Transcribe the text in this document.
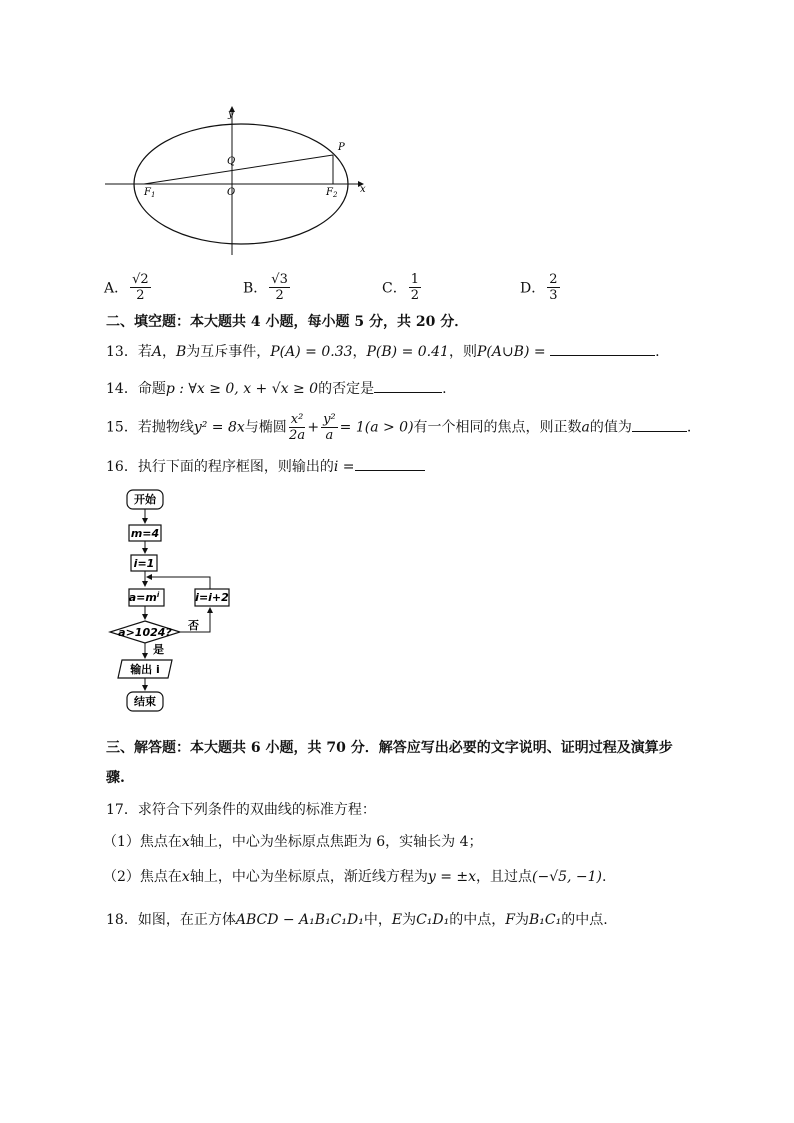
y
x
P
Q
O
$F_1$	$F_2$
A． $\frac{√2}{2}$	B． $\frac{√3}{2}$	C． $\frac{1}{2}$	D． $\frac{2}{3}$
二、填空题：本大题共 4 小题，每小题 5 分，共 20 分．
13．若A，B为互斥事件，P(A) = 0.33，P(B) = 0.41，则P(A∪B) =	.
14．命题p : ∀x ≥ 0, x + √x ≥ 0的否定是	.
15．若抛物线y² = 8x与椭圆 $\frac{\text{x²}}{2a} + \frac{\text{y²}}{a} = 1(a > 0)$有一个相同的焦点，则正数a的值为	.
16．执行下面的程序框图，则输出的i =
开始
m=4
i=1
$a=m^i$	i=i+2
a>1024?
否
是
输出 i
结束
三、解答题：本大题共 6 小题，共 70 分．解答应写出必要的文字说明、证明过程及演算步
骤.
17．求符合下列条件的双曲线的标准方程：
（1）焦点在x轴上，中心为坐标原点焦距为 6，实轴长为 4；
（2）焦点在x轴上，中心为坐标原点，渐近线方程为y = ±x，且过点(−√5, −1).
18．如图，在正方体ABCD − A₁B₁C₁D₁中，E为C₁D₁的中点，F为B₁C₁的中点.
